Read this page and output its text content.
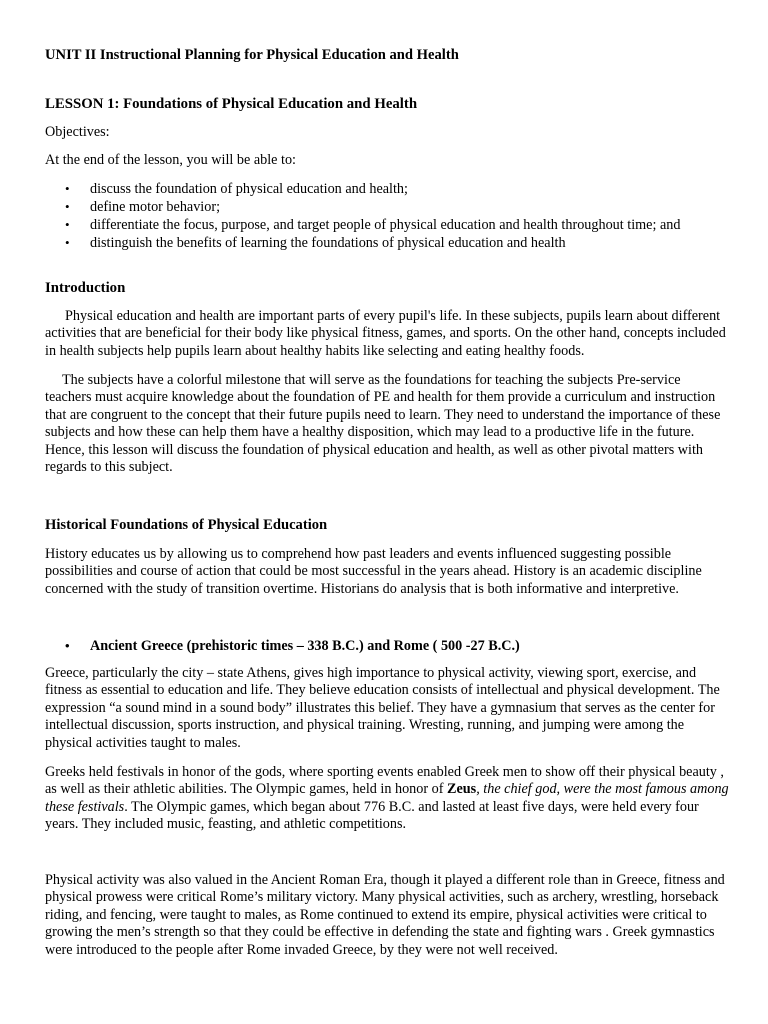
UNIT II Instructional Planning for Physical Education and Health
LESSON 1: Foundations of Physical Education and Health
Objectives:
At the end of the lesson, you will be able to:
• discuss the foundation of physical education and health;
• define motor behavior;
• differentiate the focus, purpose, and target people of physical education and health throughout time; and
• distinguish the benefits of learning the foundations of physical education and health
Introduction

Physical education and health are important parts of every pupil's life. In these subjects, pupils learn about different activities that are beneficial for their body like physical fitness, games, and sports. On the other hand, concepts included in health subjects help pupils learn about healthy habits like selecting and eating healthy foods.

The subjects have a colorful milestone that will serve as the foundations for teaching the subjects Pre-service teachers must acquire knowledge about the foundation of PE and health for them provide a curriculum and instruction that are congruent to the concept that their future pupils need to learn. They need to understand the importance of these subjects and how these can help them have a healthy disposition, which may lead to a productive life in the future. Hence, this lesson will discuss the foundation of physical education and health, as well as other pivotal matters with regards to this subject.

Historical Foundations of Physical Education

History educates us by allowing us to comprehend how past leaders and events influenced suggesting possible possibilities and course of action that could be most successful in the years ahead. History is an academic discipline concerned with the study of transition overtime. Historians do analysis that is both informative and interpretive.

• Ancient Greece (prehistoric times – 338 B.C.) and Rome ( 500 -27 B.C.)

Greece, particularly the city – state Athens, gives high importance to physical activity, viewing sport, exercise, and fitness as essential to education and life. They believe education consists of intellectual and physical development. The expression “a sound mind in a sound body” illustrates this belief. They have a gymnasium that serves as the center for intellectual discussion, sports instruction, and physical training. Wresting, running, and jumping were among the physical activities taught to males.

Greeks held festivals in honor of the gods, where sporting events enabled Greek men to show off their physical beauty , as well as their athletic abilities. The Olympic games, held in honor of Zeus, the chief god, were the most famous among these festivals. The Olympic games, which began about 776 B.C. and lasted at least five days, were held every four years. They included music, feasting, and athletic competitions.

Physical activity was also valued in the Ancient Roman Era, though it played a different role than in Greece, fitness and physical prowess were critical Rome’s military victory. Many physical activities, such as archery, wrestling, horseback riding, and fencing, were taught to males, as Rome continued to extend its empire, physical activities were critical to growing the men’s strength so that they could be effective in defending the state and fighting wars . Greek gymnastics were introduced to the people after Rome invaded Greece, by they were not well received.
